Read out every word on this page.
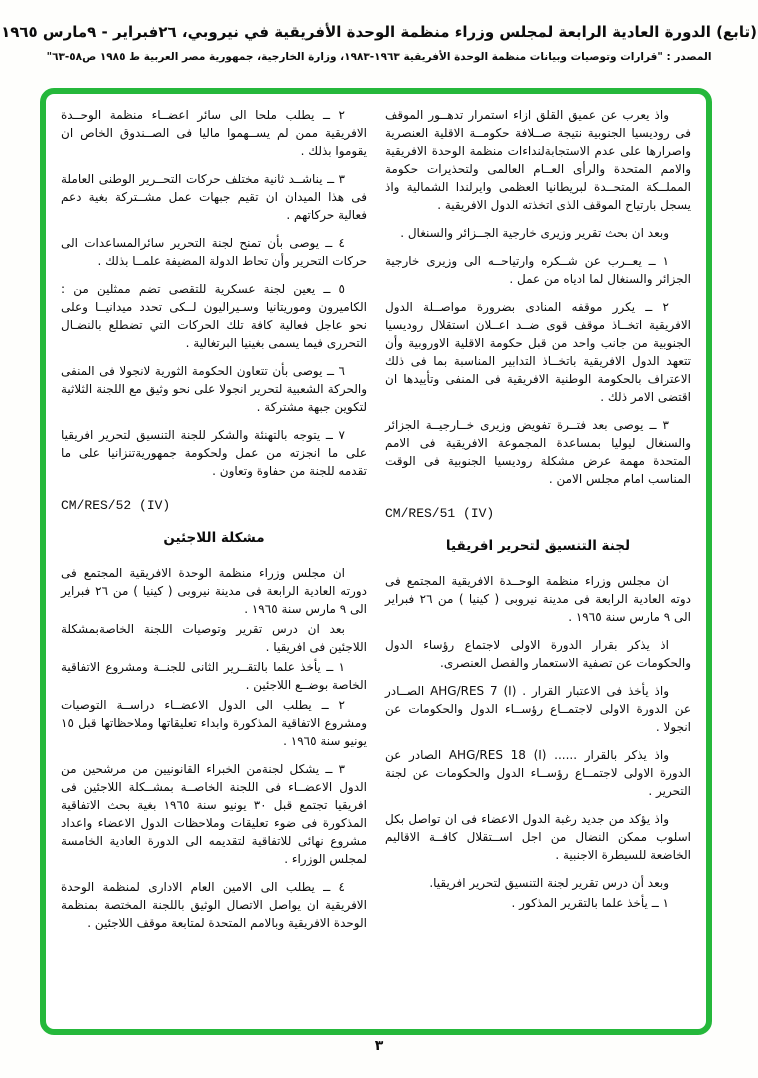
(تابع) الدورة العادية الرابعة لمجلس وزراء منظمة الوحدة الأفريقية في نيروبي، ٢٦فبراير - ٩مارس ١٩٦٥
المصدر : "قرارات وتوصيات وبيانات منظمة الوحدة الأفريقية ١٩٦٣-١٩٨٣، وزارة الخارجية، جمهورية مصر العربية ط ١٩٨٥ ص٥٨-٦٣"

واذ يعرب عن عميق القلق ازاء استمرار تدهــور الموقف فى روديسيا الجنوبية نتيجة صــلافة حكومــة الاقلية العنصرية واصرارها على عدم الاستجابةلنداءات منظمة الوحدة الافريقية والامم المتحدة والرأى العــام العالمى ولتحذيرات حكومة المملــكة المتحــدة لبريطانيا العظمى وايرلندا الشمالية واذ يسجل بارتياح الموقف الذى اتخذته الدول الافريقية .

وبعد ان بحث تقرير وزيرى خارجية الجــزائر والسنغال .

١ ــ يعــرب عن شــكره وارتياحــه الى وزيرى خارجية الجزائر والسنغال لما ادياه من عمل .

٢ ــ يكرر موقفه المنادى بضرورة مواصــلة الدول الافريقية اتخــاذ موقف قوى ضــد اعــلان استقلال روديسيا الجنوبية من جانب واحد من قبل حكومة الاقلية الاوروبية وأن تتعهد الدول الافريقية باتخــاذ التدابير المناسبة بما فى ذلك الاعتراف بالحكومة الوطنية الافريقية فى المنفى وتأييدها ان اقتضى الامر ذلك .

٣ ــ يوصى بعد فتــرة تفويض وزيرى خــارجيــة الجزائر والسنغال ليوليا بمساعدة المجموعة الافريقية فى الامم المتحدة مهمة عرض مشكلة روديسيا الجنوبية فى الوقت المناسب امام مجلس الامن .

CM/RES/51 (IV)

لجنة التنسيق لتحرير افريقيا

ان مجلس وزراء منظمة الوحــدة الافريقية المجتمع فى دوته العادية الرابعة فى مدينة نيروبى ( كينيا ) من ٢٦ فبراير الى ٩ مارس سنة ١٩٦٥ .

اذ يذكر بقرار الدورة الاولى لاجتماع رؤساء الدول والحكومات عن تصفية الاستعمار والفصل العنصرى.

واذ يأخذ فى الاعتبار القرار . AHG/RES 7 (I) الصــادر عن الدورة الاولى لاجتمــاع رؤســاء الدول والحكومات عن انجولا .

واذ يذكر بالقرار ...... AHG/RES 18 (I) الصادر عن الدورة الاولى لاجتمــاع رؤســاء الدول والحكومات عن لجنة التحرير .

واذ يؤكد من جديد رغبة الدول الاعضاء فى ان تواصل بكل اسلوب ممكن النضال من اجل اســتقلال كافــة الاقاليم الخاضعة للسيطرة الاجنبية .

وبعد أن درس تقرير لجنة التنسيق لتحرير افريقيا.

١ ــ يأخذ علما بالتقرير المذكور .

٢ ــ يطلب ملحا الى سائر اعضــاء منظمة الوحــدة الافريقية ممن لم يســهموا ماليا فى الصــندوق الخاص ان يقوموا بذلك .

٣ ــ يناشــد ثانية مختلف حركات التحــرير الوطنى العاملة فى هذا الميدان ان تقيم جبهات عمل مشــتركة بغية دعم فعالية حركاتهم .

٤ ــ يوصى بأن تمنح لجنة التحرير سائرالمساعدات الى حركات التحرير وأن تحاط الدولة المضيفة علمــا بذلك .

٥ ــ يعين لجنة عسكرية للتقصى تضم ممثلين من : الكاميرون وموريتانيا وسـيراليون لــكى تحدد ميدانيــا وعلى نحو عاجل فعالية كافة تلك الحركات التي تضطلع بالنضـال التحررى فيما يسمى بغينيا البرتغالية .

٦ ــ يوصى بأن تتعاون الحكومة الثورية لانجولا فى المنفى والحركة الشعبية لتحرير انجولا على نحو وثيق مع اللجنة الثلاثية لتكوين جبهة مشتركة .

٧ ــ يتوجه بالتهنئة والشكر للجنة التنسيق لتحرير افريقيا على ما انجزته من عمل ولحكومة جمهوريةتنزانيا على ما تقدمه للجنة من حفاوة وتعاون .

CM/RES/52 (IV)

مشكلة اللاجئين

ان مجلس وزراء منظمة الوحدة الافريقية المجتمع فى دورته العادية الرابعة فى مدينة نيروبى ( كينيا ) من ٢٦ فبراير الى ٩ مارس سنة ١٩٦٥ .

بعد ان درس تقرير وتوصيات اللجنة الخاصةبمشكلة اللاجئين فى افريقيا .

١ ــ يأخذ علما بالتقــرير الثانى للجنــة ومشروع الاتفاقية الخاصة بوضــع اللاجئين .

٢ ــ يطلب الى الدول الاعضــاء دراســة التوصيات ومشروع الاتفاقية المذكورة وابداء تعليقاتها وملاحظاتها قبل ١٥ يونيو سنة ١٩٦٥ .

٣ ــ يشكل لجنةمن الخبراء القانونيين من مرشحين من الدول الاعضــاء فى اللجنة الخاصــة بمشــكلة اللاجئين فى افريقيا تجتمع قبل ٣٠ يونيو سنة ١٩٦٥ بغية بحث الاتفاقية المذكورة فى ضوء تعليقات وملاحظات الدول الاعضاء واعداد مشروع نهائى للاتفاقية لتقديمه الى الدورة العادية الخامسة لمجلس الوزراء .

٤ ــ يطلب الى الامين العام الادارى لمنظمة الوحدة الافريقية ان يواصل الاتصال الوثيق باللجنة المختصة بمنظمة الوحدة الافريقية وبالامم المتحدة لمتابعة موقف اللاجئين .

٣
